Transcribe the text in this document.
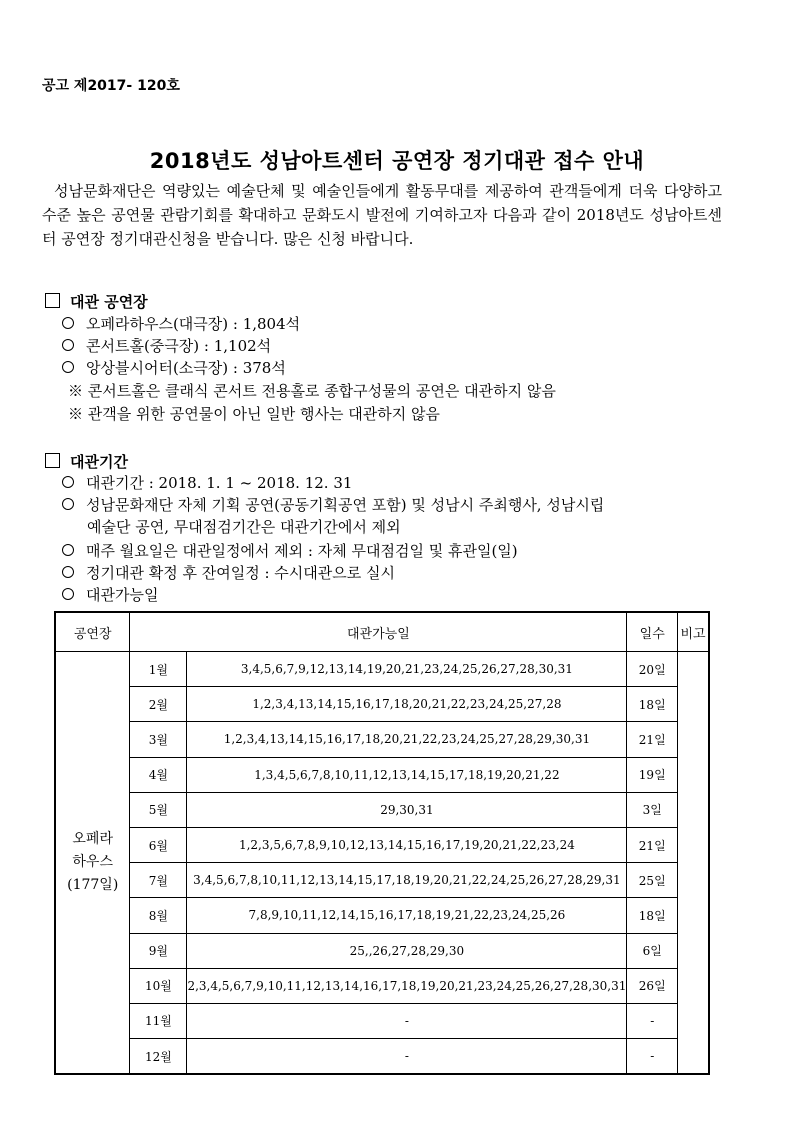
공고 제2017- 120호
2018년도 성남아트센터 공연장 정기대관 접수 안내
성남문화재단은 역량있는 예술단체 및 예술인들에게 활동무대를 제공하여 관객들에게 더욱 다양하고 수준 높은 공연물 관람기회를 확대하고 문화도시 발전에 기여하고자 다음과 같이 2018년도 성남아트센터 공연장 정기대관신청을 받습니다. 많은 신청 바랍니다.
대관 공연장
오페라하우스(대극장) : 1,804석
콘서트홀(중극장) : 1,102석
앙상블시어터(소극장) : 378석
※ 콘서트홀은 클래식 콘서트 전용홀로 종합구성물의 공연은 대관하지 않음
※ 관객을 위한 공연물이 아닌 일반 행사는 대관하지 않음
대관기간
대관기간 : 2018. 1. 1 ~ 2018. 12. 31
성남문화재단 자체 기획 공연(공동기획공연 포함) 및 성남시 주최행사, 성남시립
예술단 공연, 무대점검기간은 대관기간에서 제외
매주 월요일은 대관일정에서 제외 : 자체 무대점검일 및 휴관일(일)
정기대관 확정 후 잔여일정 : 수시대관으로 실시
대관가능일
공연장	대관가능일		일수	비고

오페라
하우스
(177일)	1월	3,4,5,6,7,9,12,13,14,19,20,21,23,24,25,26,27,28,30,31	20일	
	2월	1,2,3,4,13,14,15,16,17,18,20,21,22,23,24,25,27,28	18일	
	3월	1,2,3,4,13,14,15,16,17,18,20,21,22,23,24,25,27,28,29,30,31	21일	
	4월	1,3,4,5,6,7,8,10,11,12,13,14,15,17,18,19,20,21,22	19일	
	5월	29,30,31	3일	
	6월	1,2,3,5,6,7,8,9,10,12,13,14,15,16,17,19,20,21,22,23,24	21일	
	7월	3,4,5,6,7,8,10,11,12,13,14,15,17,18,19,20,21,22,24,25,26,27,28,29,31	25일	
	8월	7,8,9,10,11,12,14,15,16,17,18,19,21,22,23,24,25,26	18일	
	9월	25,,26,27,28,29,30	6일	
	10월	2,3,4,5,6,7,9,10,11,12,13,14,16,17,18,19,20,21,23,24,25,26,27,28,30,31	26일	
	11월	-	-	
	12월	-	-	
